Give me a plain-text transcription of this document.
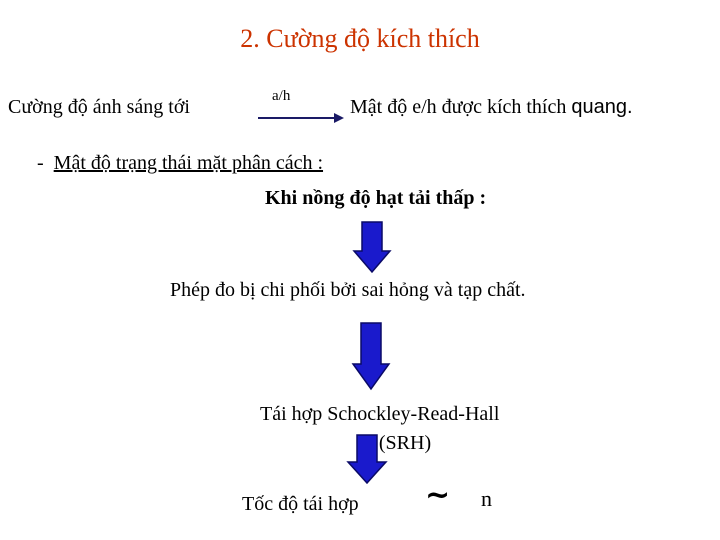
2. Cường độ kích thích
Cường độ ánh sáng tới	a/h	Mật độ e/h được kích thích quang.
- Mật độ trạng thái mặt phân cách :
Khi nồng độ hạt tải thấp :
Phép đo bị chi phối bởi sai hỏng và tạp chất.
Tái hợp Schockley-Read-Hall
(SRH)
Tốc độ tái hợp ~ n
